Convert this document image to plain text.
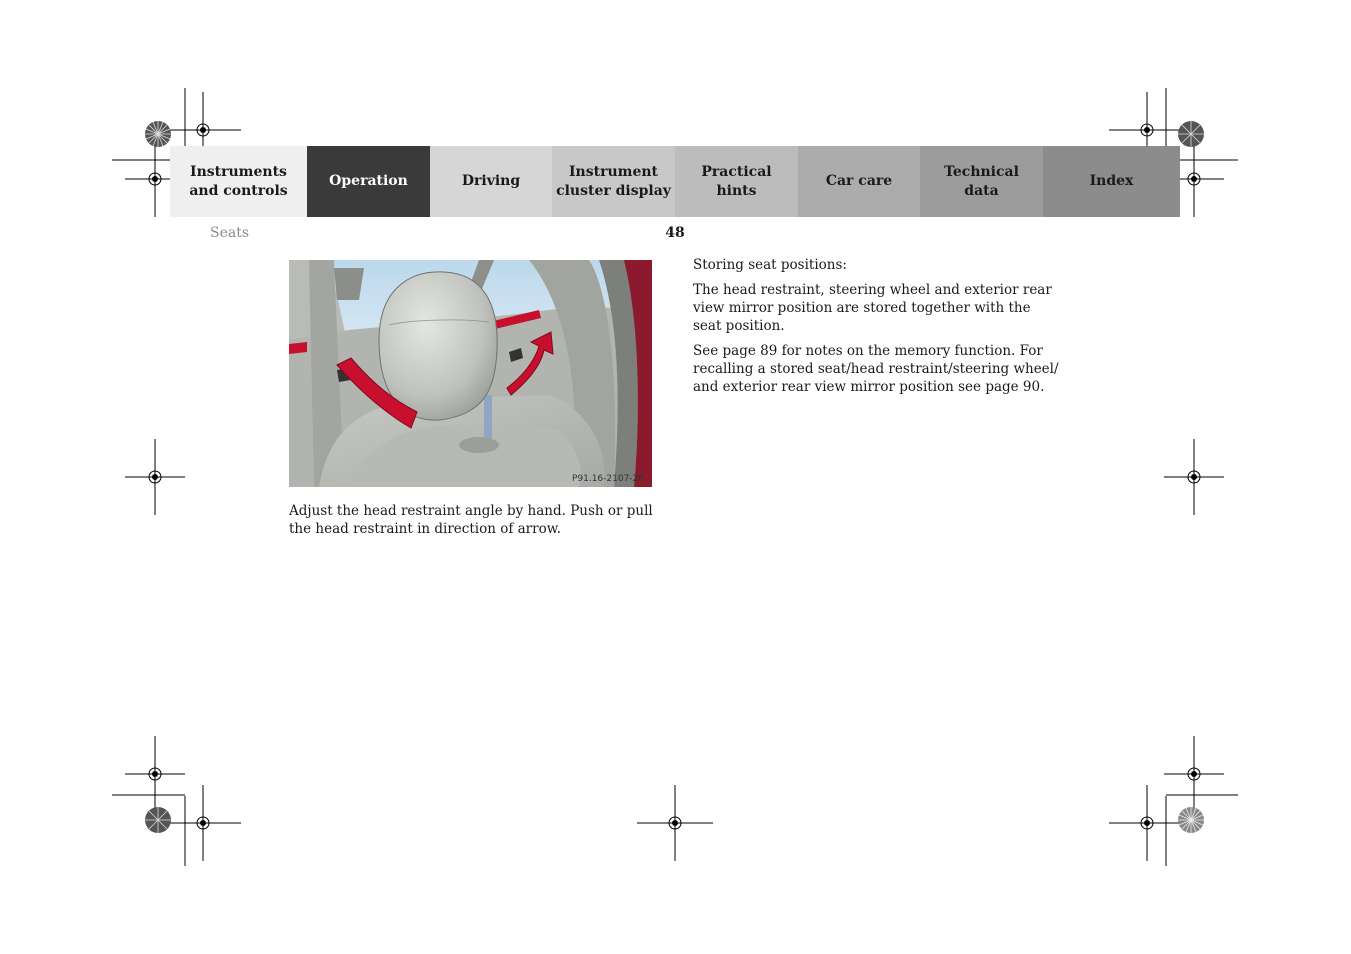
Instruments
and controls
Operation	Driving
Instrument
cluster display
Practical hints
Car care
Technical
data
Index
Seats	48
P91.16-2107-26
Adjust the head restraint angle by hand. Push or pull the head restraint in direction of arrow.

Storing seat positions:

The head restraint, steering wheel and exterior rear view mirror position are stored together with the seat position.

See page 89 for notes on the memory function. For recalling a stored seat/head restraint/steering wheel/ and exterior rear view mirror position see page 90.
